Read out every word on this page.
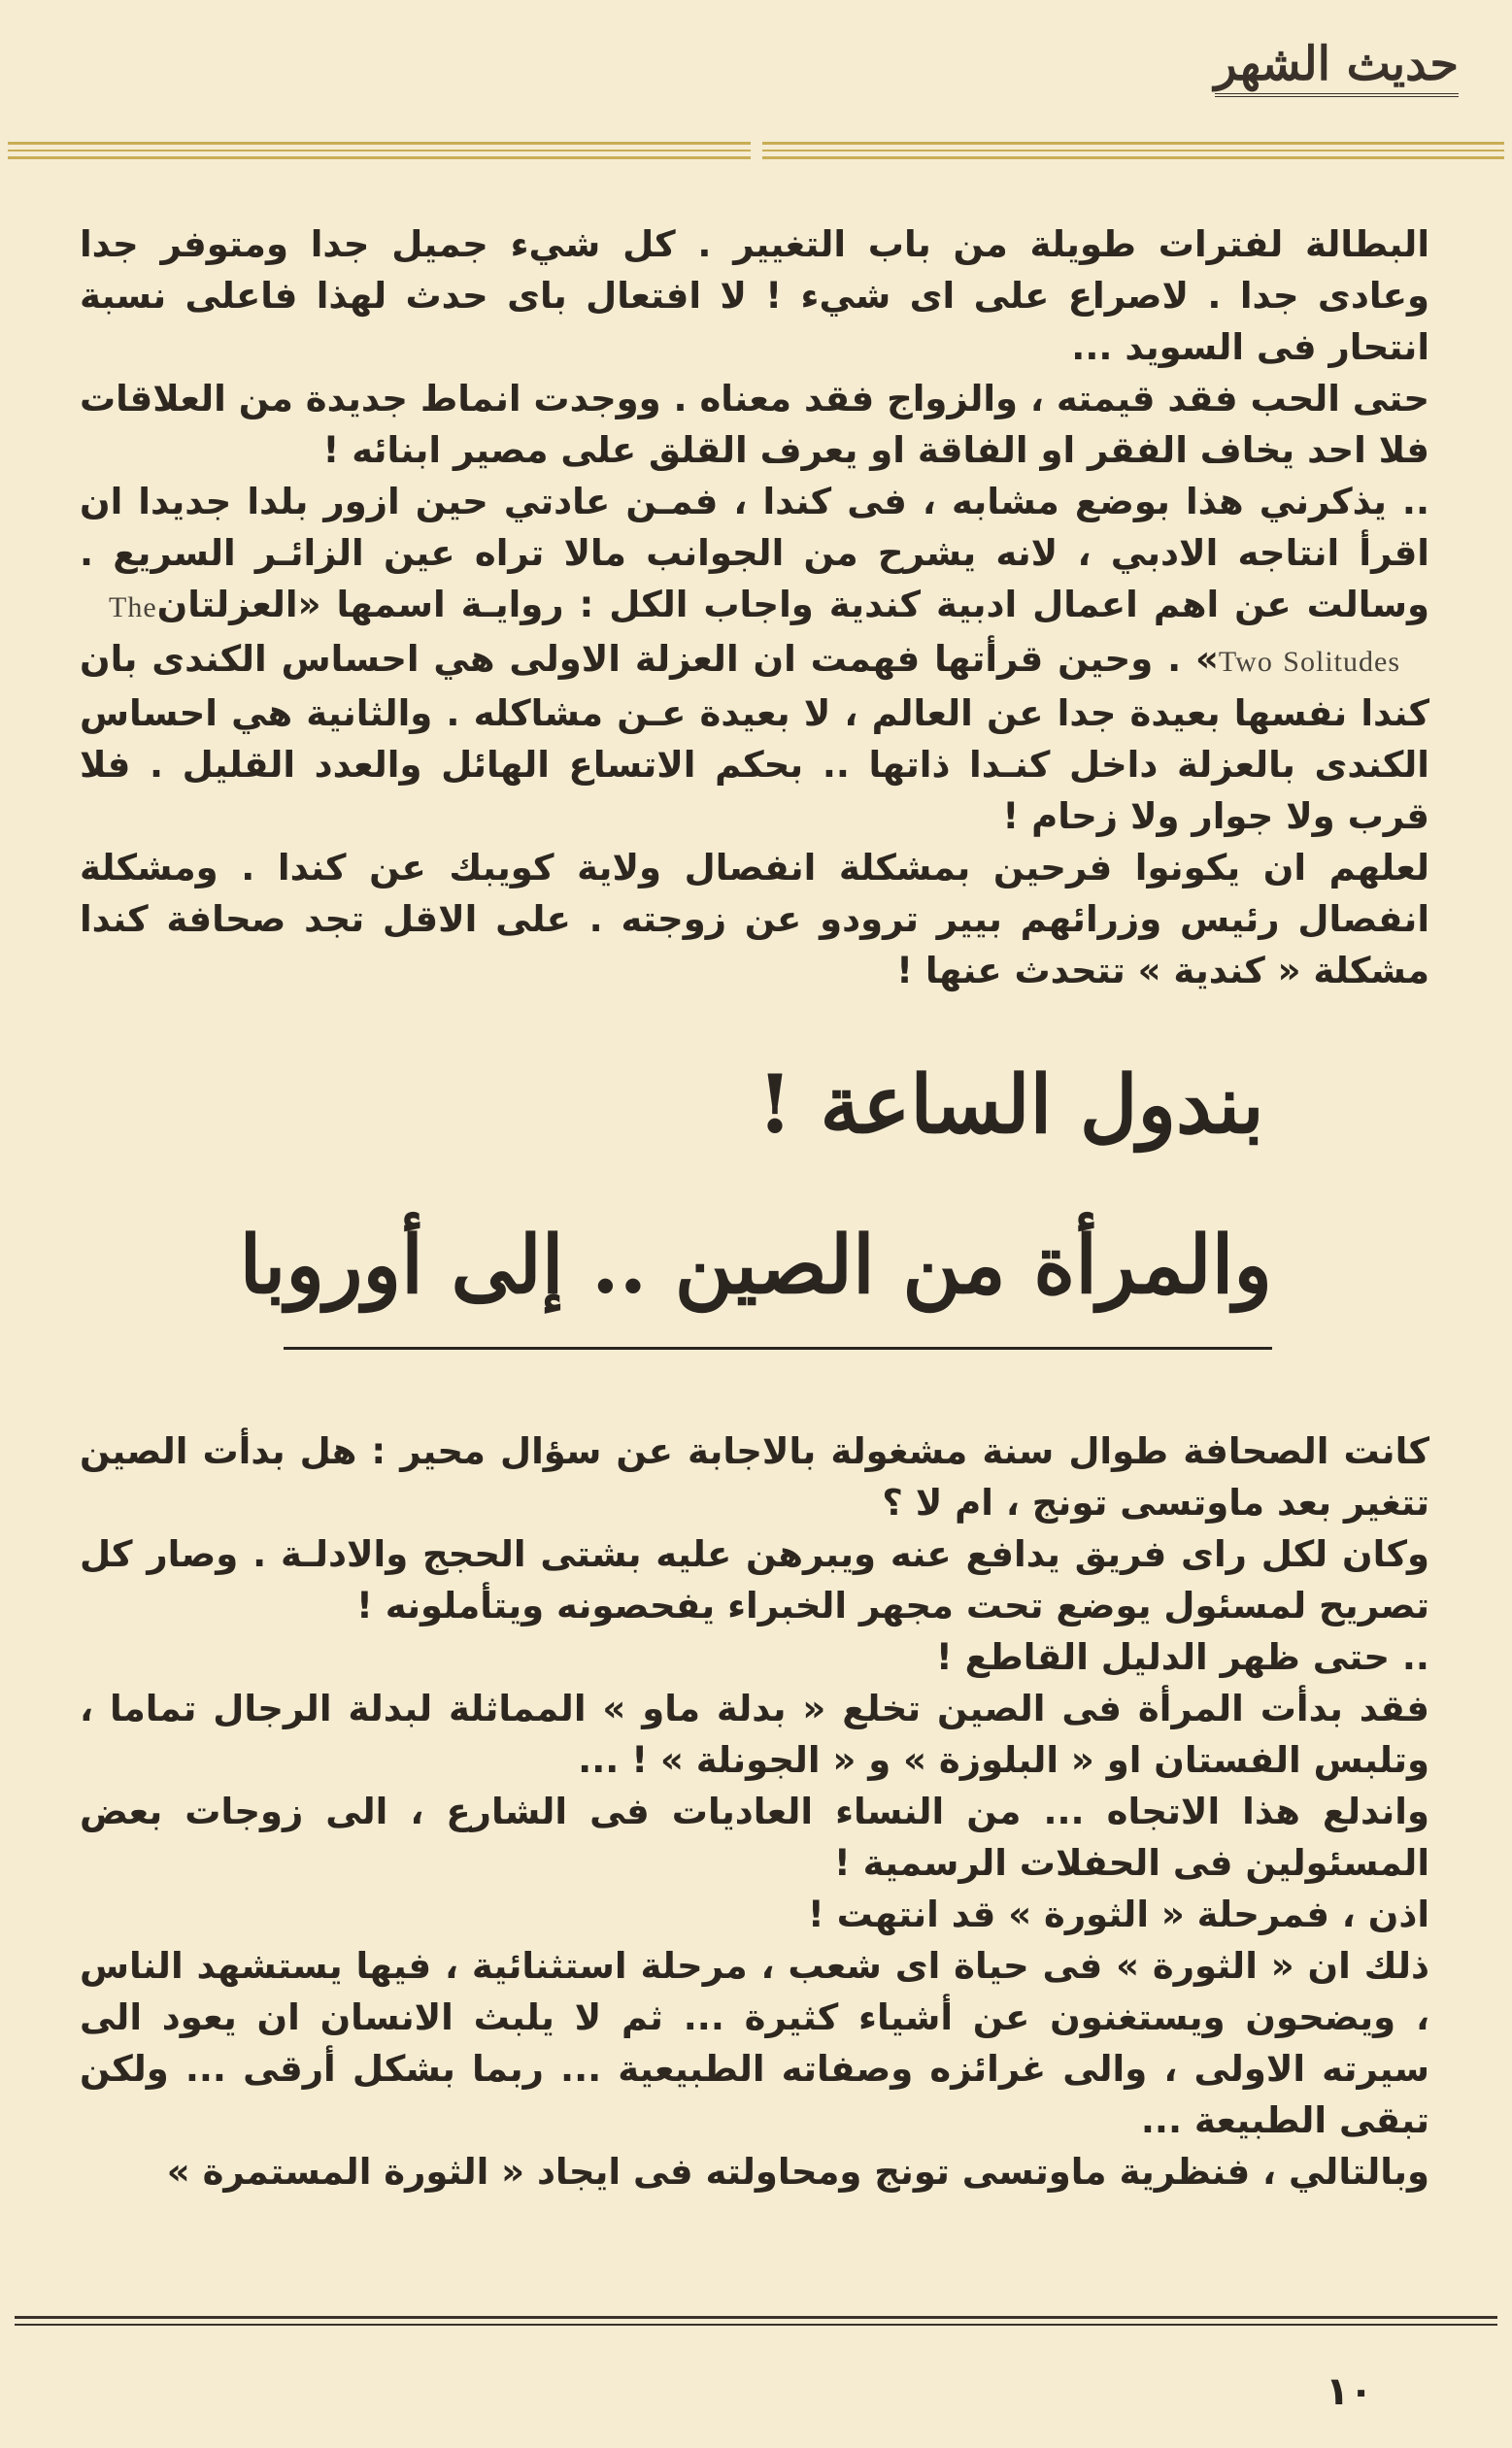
حديث الشهر

البطالة لفترات طويلة من باب التغيير . كل شيء جميل جدا ومتوفر جدا وعادى جدا . لاصراع على اى شيء ! لا افتعال باى حدث لهذا فاعلى نسبة انتحار فى السويد ...

حتى الحب فقد قيمته ، والزواج فقد معناه . ووجدت انماط جديدة من العلاقات فلا احد يخاف الفقر او الفاقة او يعرف القلق على مصير ابنائه !

.. يذكرني هذا بوضع مشابه ، فى كندا ، فمـن عادتي حين ازور بلدا جديدا ان اقرأ انتاجه الادبي ، لانه يشرح من الجوانب مالا تراه عين الزائـر السريع . وسالت عن اهم اعمال ادبية كندية واجاب الكل : روايـة اسمها «العزلتانThe Two Solitudes» . وحين قرأتها فهمت ان العزلة الاولى هي احساس الكندى بان كندا نفسها بعيدة جدا عن العالم ، لا بعيدة عـن مشاكله . والثانية هي احساس الكندى بالعزلة داخل كنـدا ذاتها .. بحكم الاتساع الهائل والعدد القليل . فلا قرب ولا جوار ولا زحام !

لعلهم ان يكونوا فرحين بمشكلة انفصال ولاية كويبك عن كندا . ومشكلة انفصال رئيس وزرائهم بيير ترودو عن زوجته . على الاقل تجد صحافة كندا مشكلة « كندية » تتحدث عنها !

بندول الساعة !
والمرأة من الصين .. إلى أوروبا

كانت الصحافة طوال سنة مشغولة بالاجابة عن سؤال محير : هل بدأت الصين تتغير بعد ماوتسى تونج ، ام لا ؟

وكان لكل راى فريق يدافع عنه ويبرهن عليه بشتى الحجج والادلـة . وصار كل تصريح لمسئول يوضع تحت مجهر الخبراء يفحصونه ويتأملونه !

.. حتى ظهر الدليل القاطع !

فقد بدأت المرأة فى الصين تخلع « بدلة ماو » المماثلة لبدلة الرجال تماما ، وتلبس الفستان او « البلوزة » و « الجونلة » ! ...

واندلع هذا الاتجاه ... من النساء العاديات فى الشارع ، الى زوجات بعض المسئولين فى الحفلات الرسمية !

اذن ، فمرحلة « الثورة » قد انتهت !

ذلك ان « الثورة » فى حياة اى شعب ، مرحلة استثنائية ، فيها يستشهد الناس ، ويضحون ويستغنون عن أشياء كثيرة ... ثم لا يلبث الانسان ان يعود الى سيرته الاولى ، والى غرائزه وصفاته الطبيعية ... ربما بشكل أرقى ... ولكن تبقى الطبيعة ...

وبالتالي ، فنظرية ماوتسى تونج ومحاولته فى ايجاد « الثورة المستمرة »

١٠
